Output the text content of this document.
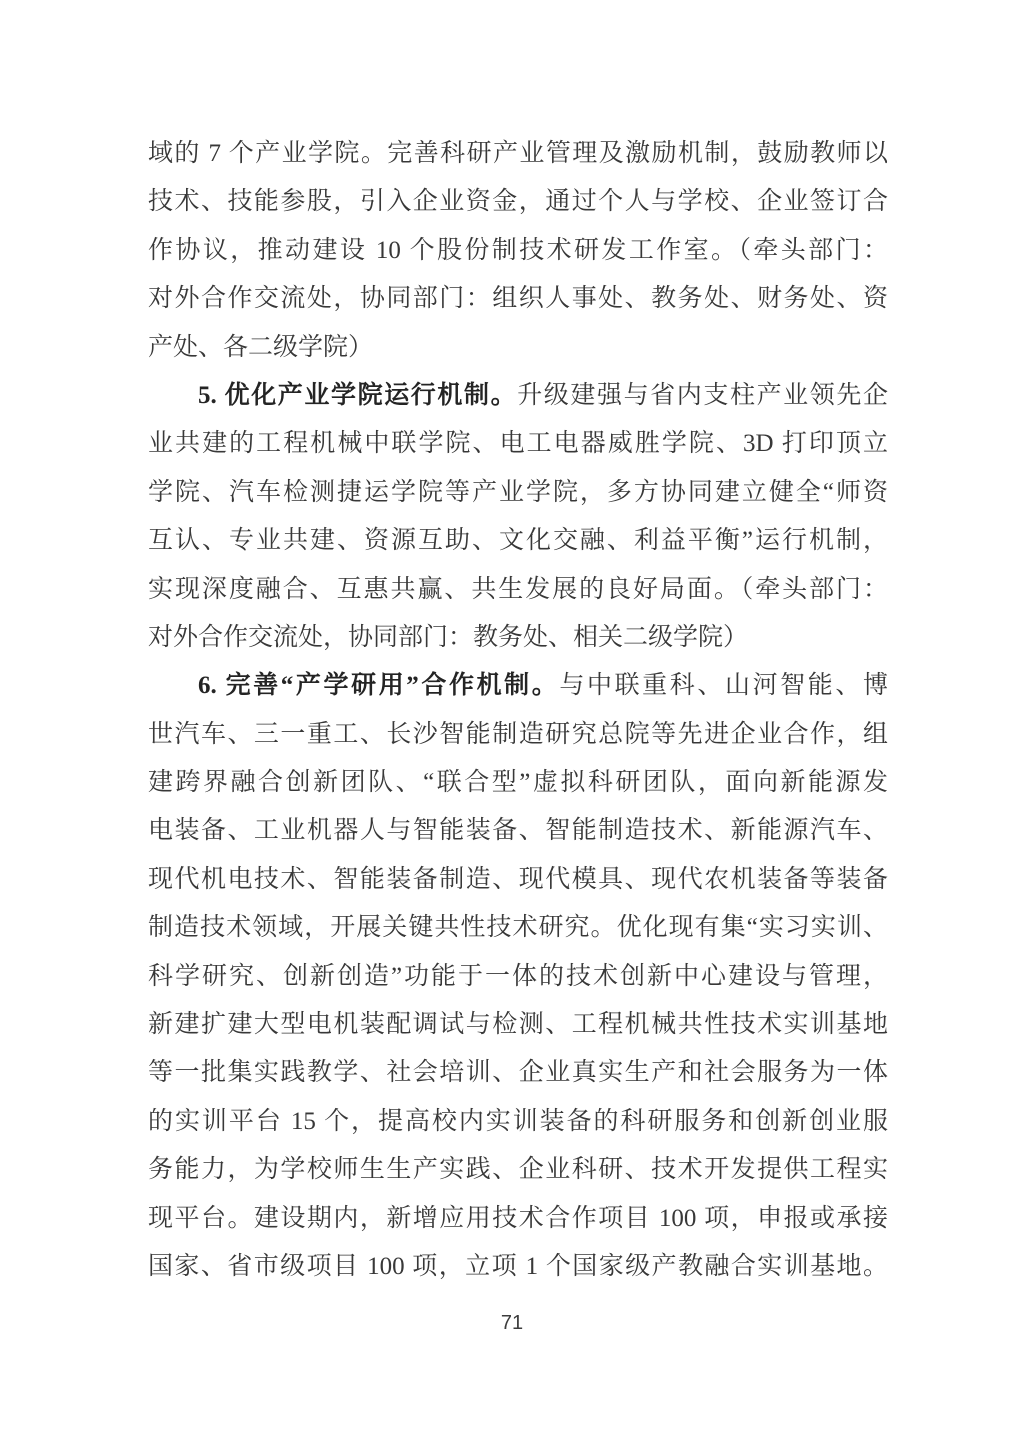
域的 7 个产业学院。完善科研产业管理及激励机制，鼓励教师以
技术、技能参股，引入企业资金，通过个人与学校、企业签订合
作协议，推动建设 10 个股份制技术研发工作室。（牵头部门：
对外合作交流处，协同部门：组织人事处、教务处、财务处、资
产处、各二级学院）
5. 优化产业学院运行机制。升级建强与省内支柱产业领先企
业共建的工程机械中联学院、电工电器威胜学院、3D 打印顶立
学院、汽车检测捷运学院等产业学院，多方协同建立健全“师资
互认、专业共建、资源互助、文化交融、利益平衡”运行机制，
实现深度融合、互惠共赢、共生发展的良好局面。（牵头部门：
对外合作交流处，协同部门：教务处、相关二级学院）
6. 完善“产学研用”合作机制。与中联重科、山河智能、博
世汽车、三一重工、长沙智能制造研究总院等先进企业合作，组
建跨界融合创新团队、“联合型”虚拟科研团队，面向新能源发
电装备、工业机器人与智能装备、智能制造技术、新能源汽车、
现代机电技术、智能装备制造、现代模具、现代农机装备等装备
制造技术领域，开展关键共性技术研究。优化现有集“实习实训、
科学研究、创新创造”功能于一体的技术创新中心建设与管理，
新建扩建大型电机装配调试与检测、工程机械共性技术实训基地
等一批集实践教学、社会培训、企业真实生产和社会服务为一体
的实训平台 15 个，提高校内实训装备的科研服务和创新创业服
务能力，为学校师生生产实践、企业科研、技术开发提供工程实
现平台。建设期内，新增应用技术合作项目 100 项，申报或承接
国家、省市级项目 100 项，立项 1 个国家级产教融合实训基地。
71
